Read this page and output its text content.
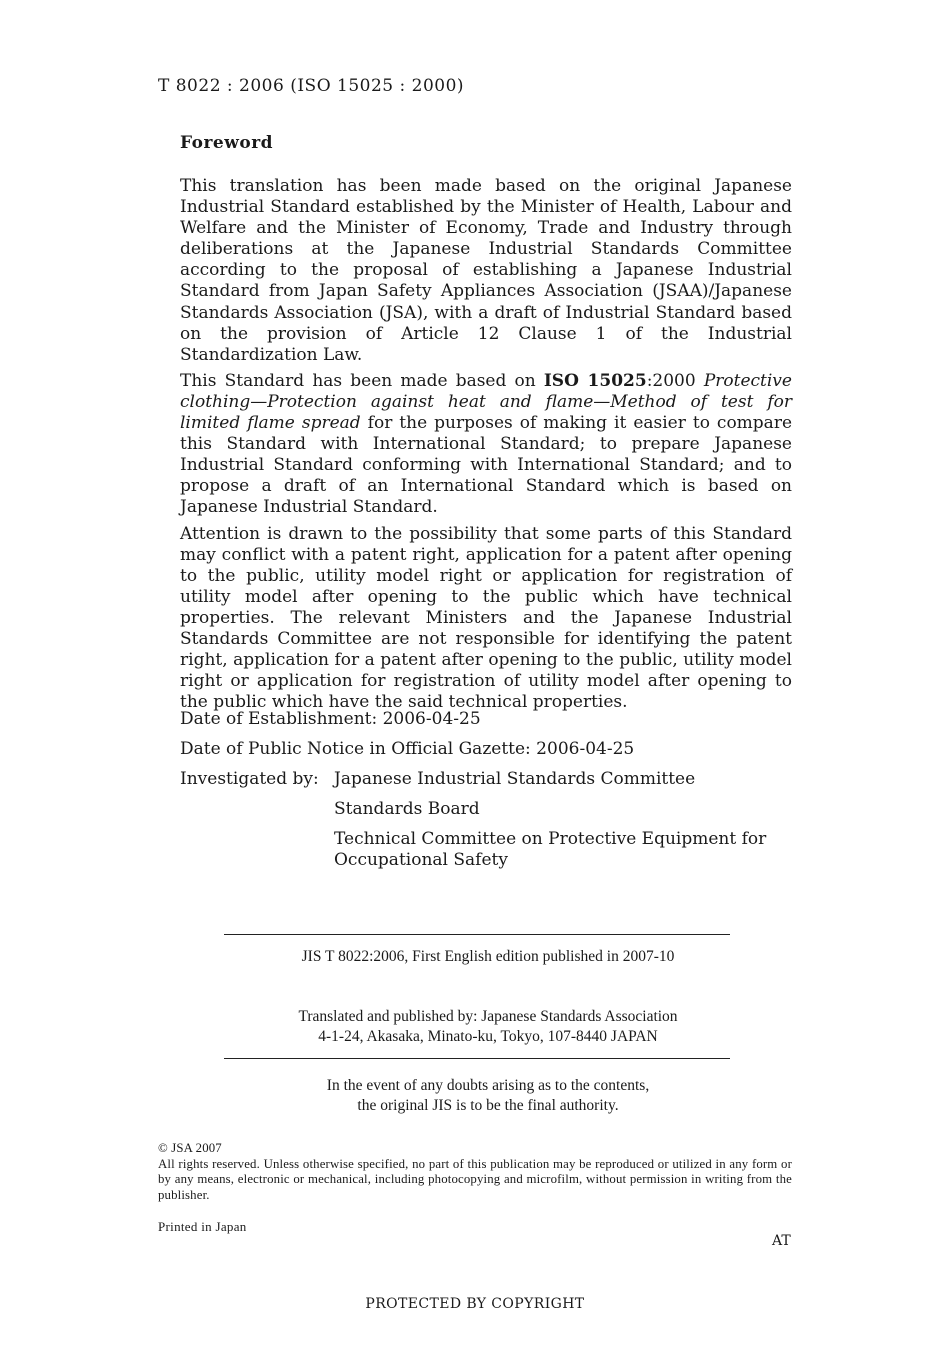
T 8022 : 2006 (ISO 15025 : 2000)
Foreword

This translation has been made based on the original Japanese Industrial Standard established by the Minister of Health, Labour and Welfare and the Minister of Economy, Trade and Industry through deliberations at the Japanese Industrial Standards Committee according to the proposal of establishing a Japanese Industrial Standard from Japan Safety Appliances Association (JSAA)/Japanese Standards Association (JSA), with a draft of Industrial Standard based on the provision of Article 12 Clause 1 of the Industrial Standardization Law.

This Standard has been made based on ISO 15025:2000 Protective clothing—Protection against heat and flame—Method of test for limited flame spread for the purposes of making it easier to compare this Standard with International Standard; to prepare Japanese Industrial Standard conforming with International Standard; and to propose a draft of an International Standard which is based on Japanese Industrial Standard.

Attention is drawn to the possibility that some parts of this Standard may conflict with a patent right, application for a patent after opening to the public, utility model right or application for registration of utility model after opening to the public which have technical properties. The relevant Ministers and the Japanese Industrial Standards Committee are not responsible for identifying the patent right, application for a patent after opening to the public, utility model right or application for registration of utility model after opening to the public which have the said technical properties.

Date of Establishment: 2006-04-25
Date of Public Notice in Official Gazette: 2006-04-25
Investigated by: Japanese Industrial Standards Committee
Standards Board
Technical Committee on Protective Equipment for Occupational Safety
JIS T 8022:2006, First English edition published in 2007-10
Translated and published by: Japanese Standards Association
4-1-24, Akasaka, Minato-ku, Tokyo, 107-8440 JAPAN
In the event of any doubts arising as to the contents,
the original JIS is to be the final authority.
© JSA 2007
All rights reserved. Unless otherwise specified, no part of this publication may be reproduced or utilized in any form or by any means, electronic or mechanical, including photocopying and microfilm, without permission in writing from the publisher.
Printed in Japan
AT
PROTECTED BY COPYRIGHT
